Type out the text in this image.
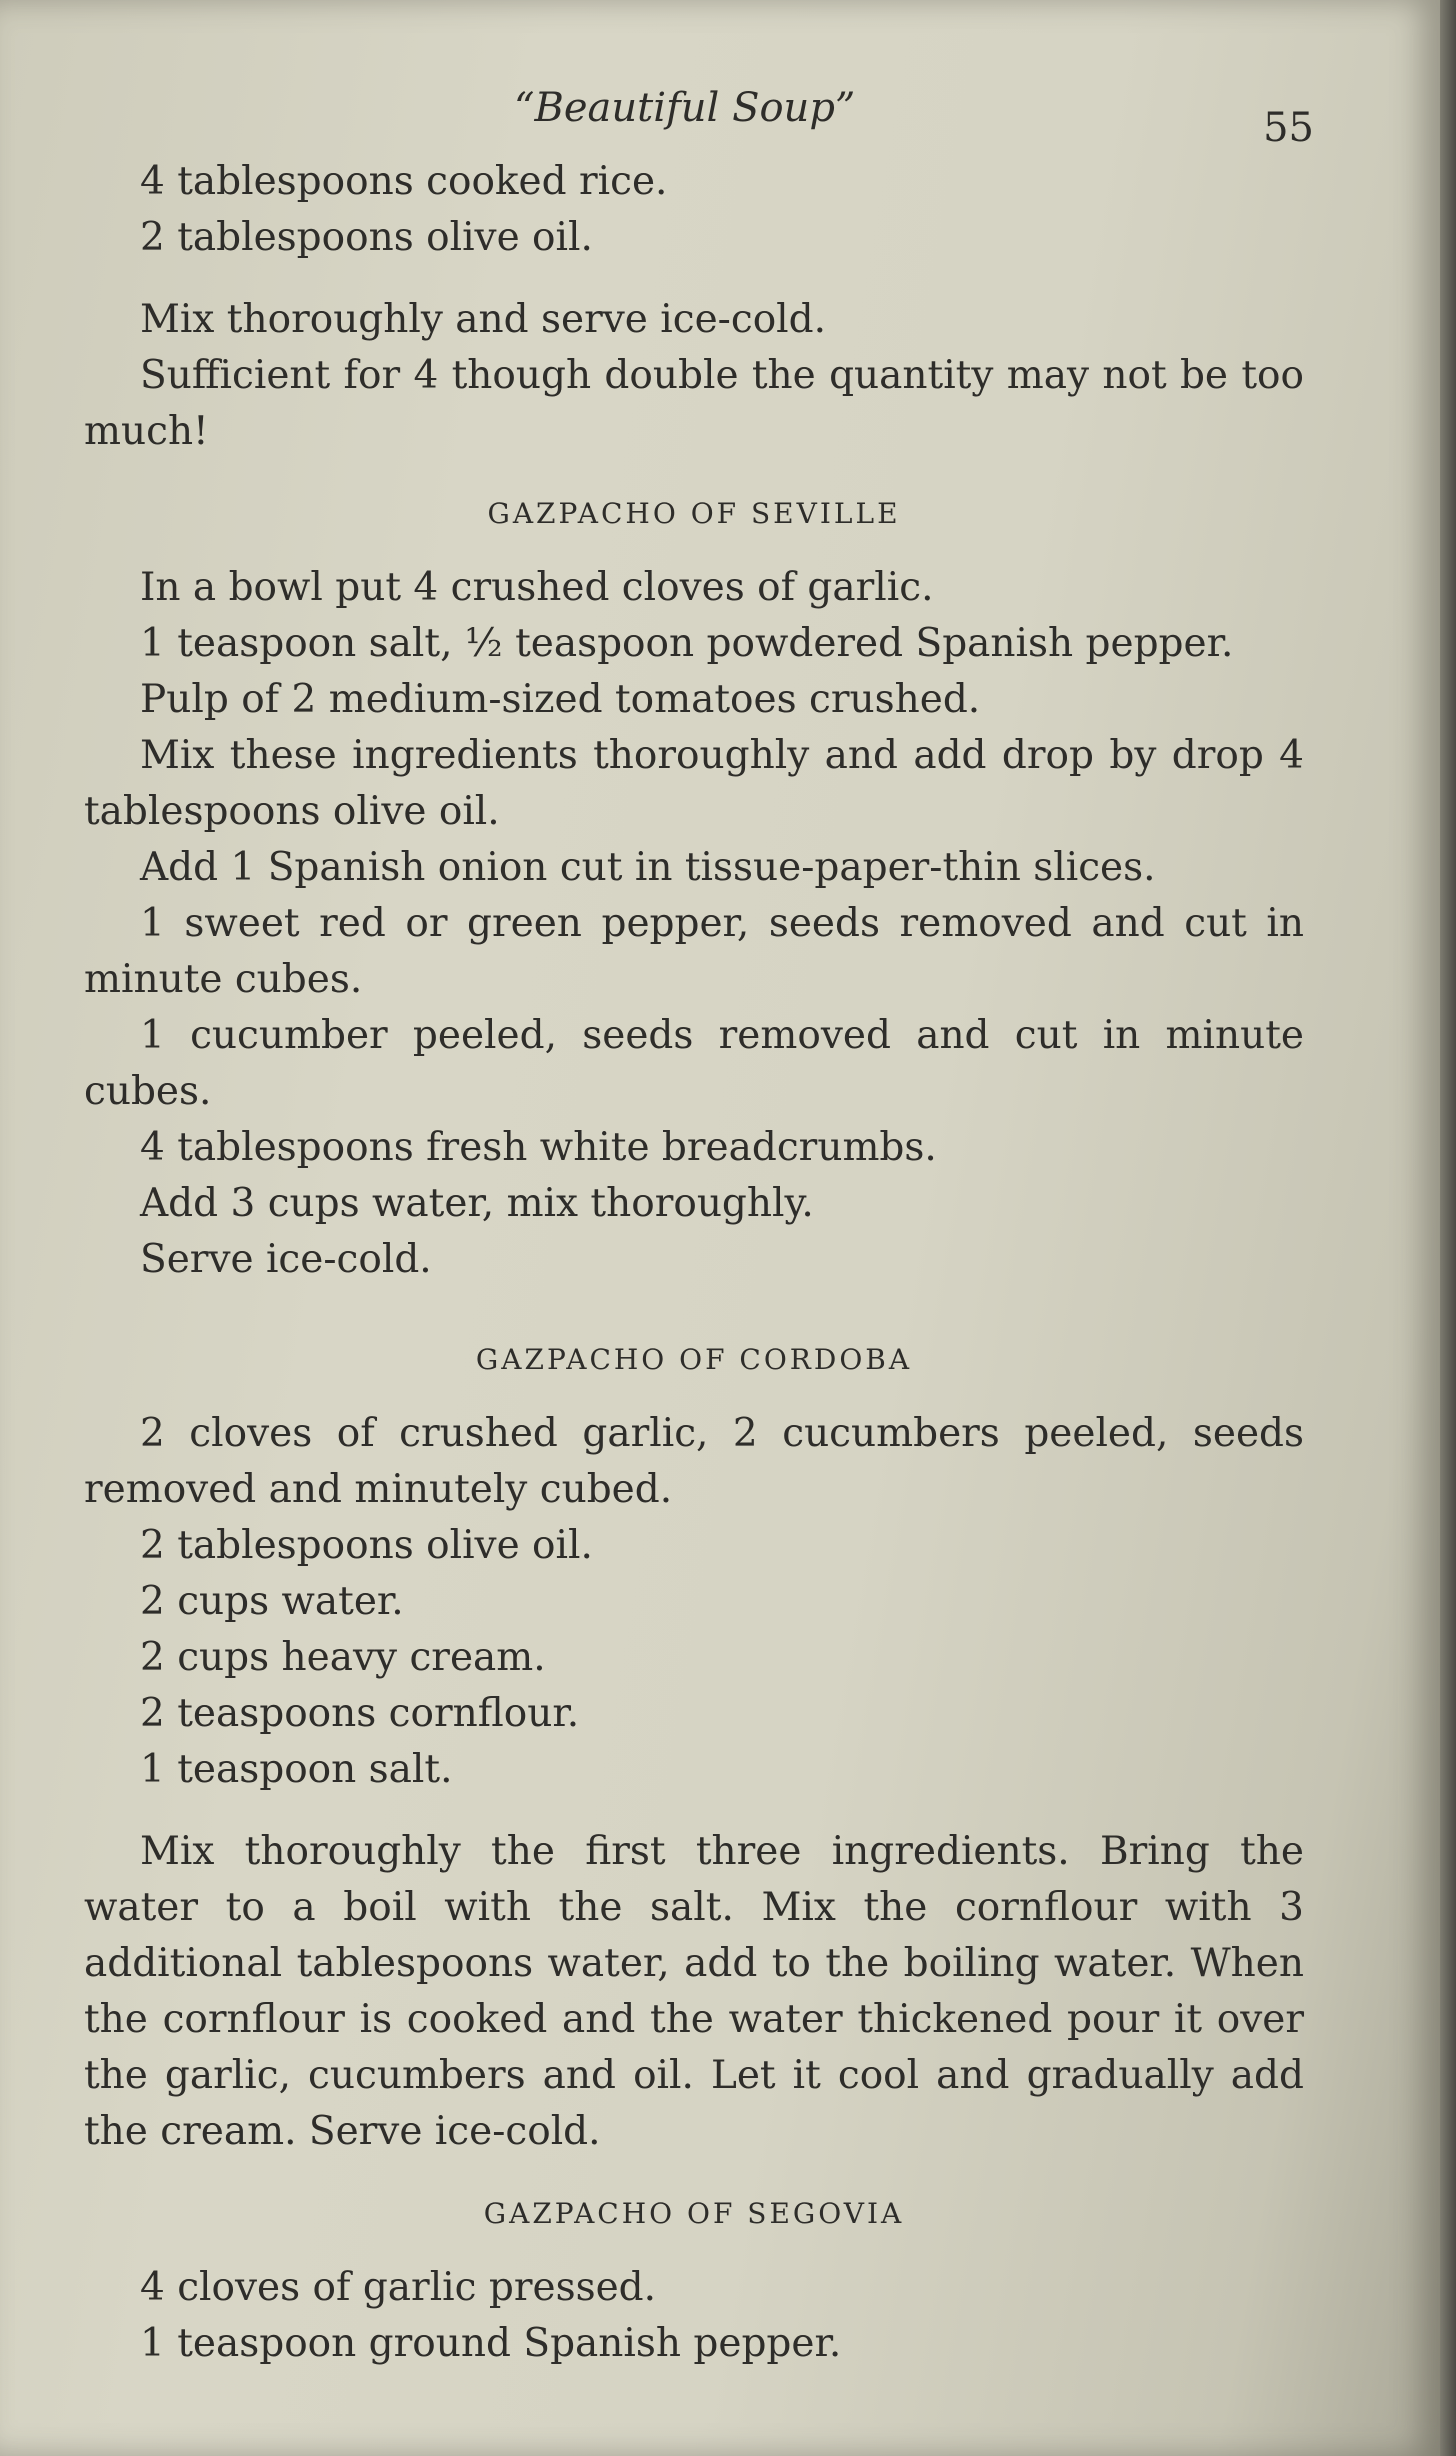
“Beautiful Soup”	55

4 tablespoons cooked rice.

2 tablespoons olive oil.

Mix thoroughly and serve ice-cold.

Sufficient for 4 though double the quantity may not be too much!

GAZPACHO OF SEVILLE

In a bowl put 4 crushed cloves of garlic.

1 teaspoon salt, ½ teaspoon powdered Spanish pepper.

Pulp of 2 medium-sized tomatoes crushed.

Mix these ingredients thoroughly and add drop by drop 4 tablespoons olive oil.

Add 1 Spanish onion cut in tissue-paper-thin slices.

1 sweet red or green pepper, seeds removed and cut in minute cubes.

1 cucumber peeled, seeds removed and cut in minute cubes.

4 tablespoons fresh white breadcrumbs.

Add 3 cups water, mix thoroughly.

Serve ice-cold.

GAZPACHO OF CORDOBA

2 cloves of crushed garlic, 2 cucumbers peeled, seeds removed and minutely cubed.

2 tablespoons olive oil.

2 cups water.

2 cups heavy cream.

2 teaspoons cornflour.

1 teaspoon salt.

Mix thoroughly the first three ingredients. Bring the water to a boil with the salt. Mix the cornflour with 3 additional tablespoons water, add to the boiling water. When the cornflour is cooked and the water thickened pour it over the garlic, cucumbers and oil. Let it cool and gradually add the cream. Serve ice-cold.

GAZPACHO OF SEGOVIA

4 cloves of garlic pressed.

1 teaspoon ground Spanish pepper.
